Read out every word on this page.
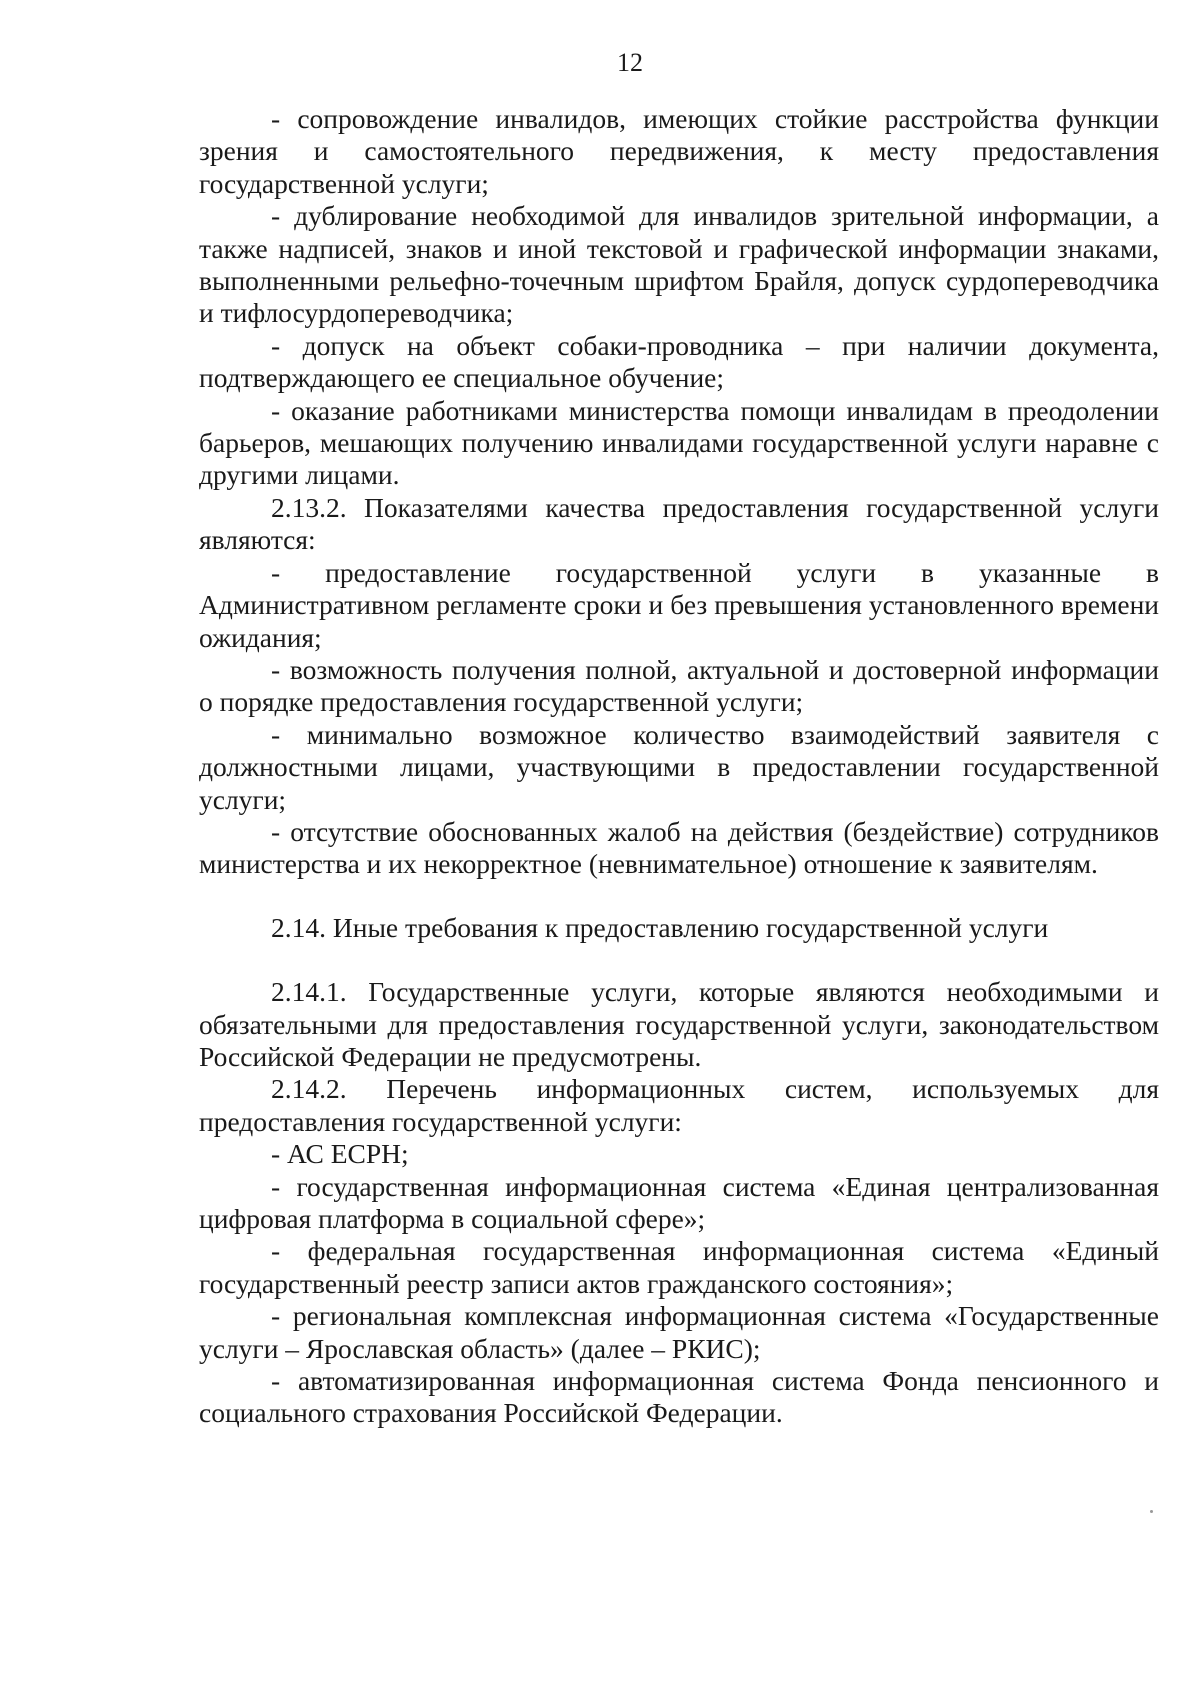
12

- сопровождение инвалидов, имеющих стойкие расстройства функции зрения и самостоятельного передвижения, к месту предоставления государственной услуги;

- дублирование необходимой для инвалидов зрительной информации, а также надписей, знаков и иной текстовой и графической информации знаками, выполненными рельефно-точечным шрифтом Брайля, допуск сурдопереводчика и тифлосурдопереводчика;

- допуск на объект собаки-проводника – при наличии документа, подтверждающего ее специальное обучение;

- оказание работниками министерства помощи инвалидам в преодолении барьеров, мешающих получению инвалидами государственной услуги наравне с другими лицами.

2.13.2. Показателями качества предоставления государственной услуги являются:

- предоставление государственной услуги в указанные в Административном регламенте сроки и без превышения установленного времени ожидания;

- возможность получения полной, актуальной и достоверной информации о порядке предоставления государственной услуги;

- минимально возможное количество взаимодействий заявителя с должностными лицами, участвующими в предоставлении государственной услуги;

- отсутствие обоснованных жалоб на действия (бездействие) сотрудников министерства и их некорректное (невнимательное) отношение к заявителям.

2.14. Иные требования к предоставлению государственной услуги

2.14.1. Государственные услуги, которые являются необходимыми и обязательными для предоставления государственной услуги, законодательством Российской Федерации не предусмотрены.

2.14.2. Перечень информационных систем, используемых для предоставления государственной услуги:

- АС ЕСРН;

- государственная информационная система «Единая централизованная цифровая платформа в социальной сфере»;

- федеральная государственная информационная система «Единый государственный реестр записи актов гражданского состояния»;

- региональная комплексная информационная система «Государственные услуги – Ярославская область» (далее – РКИС);

- автоматизированная информационная система Фонда пенсионного и социального страхования Российской Федерации.
